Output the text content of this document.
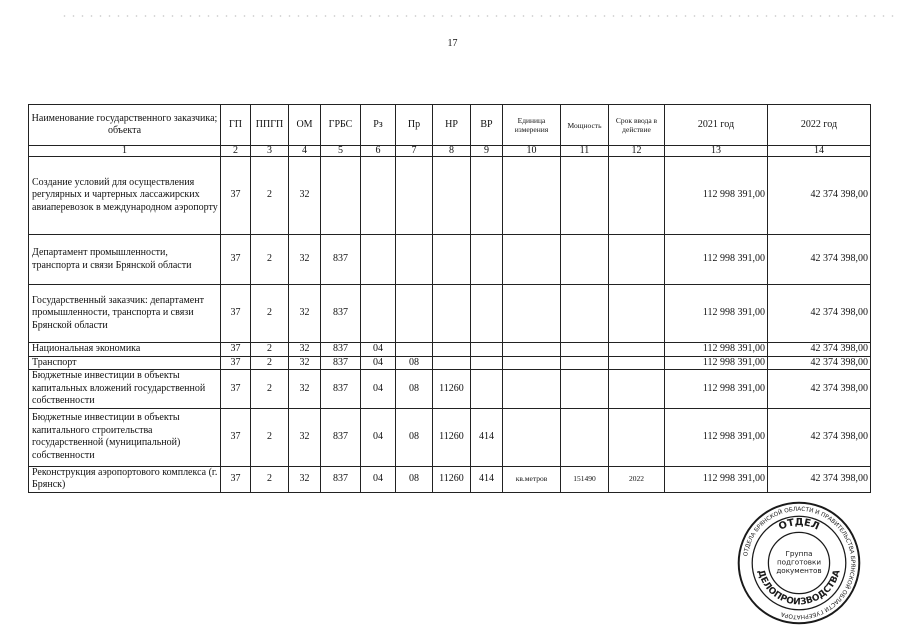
17
Наименование государственного заказчика; объекта	ГП	ППГП	ОМ	ГРБС	Рз	Пр	НР	ВР	Единица измерения	Мощность	Срок ввода в действие	2021 год	2022 год
1	2	3	4	5	6	7	8	9	10	11	12	13	14
Создание условий для осуществления регулярных и чартерных лассажирских авиаперевозок в международном аэропорту	37	2	32									112 998 391,00	42 374 398,00
Департамент промышленности, транспорта и связи Брянской области	37	2	32	837								112 998 391,00	42 374 398,00
Государственный заказчик: департамент промышленности, транспорта и связи Брянской области	37	2	32	837								112 998 391,00	42 374 398,00
Национальная экономика	37	2	32	837	04							112 998 391,00	42 374 398,00
Транспорт	37	2	32	837	04	08						112 998 391,00	42 374 398,00
Бюджетные инвестиции в объекты капитальных вложений государственной собственности	37	2	32	837	04	08	11260					112 998 391,00	42 374 398,00
Бюджетные инвестиции в объекты капитального строительства государственной (муниципальной) собственности	37	2	32	837	04	08	11260	414				112 998 391,00	42 374 398,00
Реконструкция аэропортового комплекса (г. Брянск)	37	2	32	837	04	08	11260	414	кв.метров	151490	2022	112 998 391,00	42 374 398,00
ОТДЕЛА БРЯНСКОЙ ОБЛАСТИ И ПРАВИТЕЛЬСТВА БРЯНСКОЙ ОБЛАСТИ ГУБЕРНАТОРА
ОТДЕЛ
ДЕЛОПРОИЗВОДСТВА
Группа подготовки документов
